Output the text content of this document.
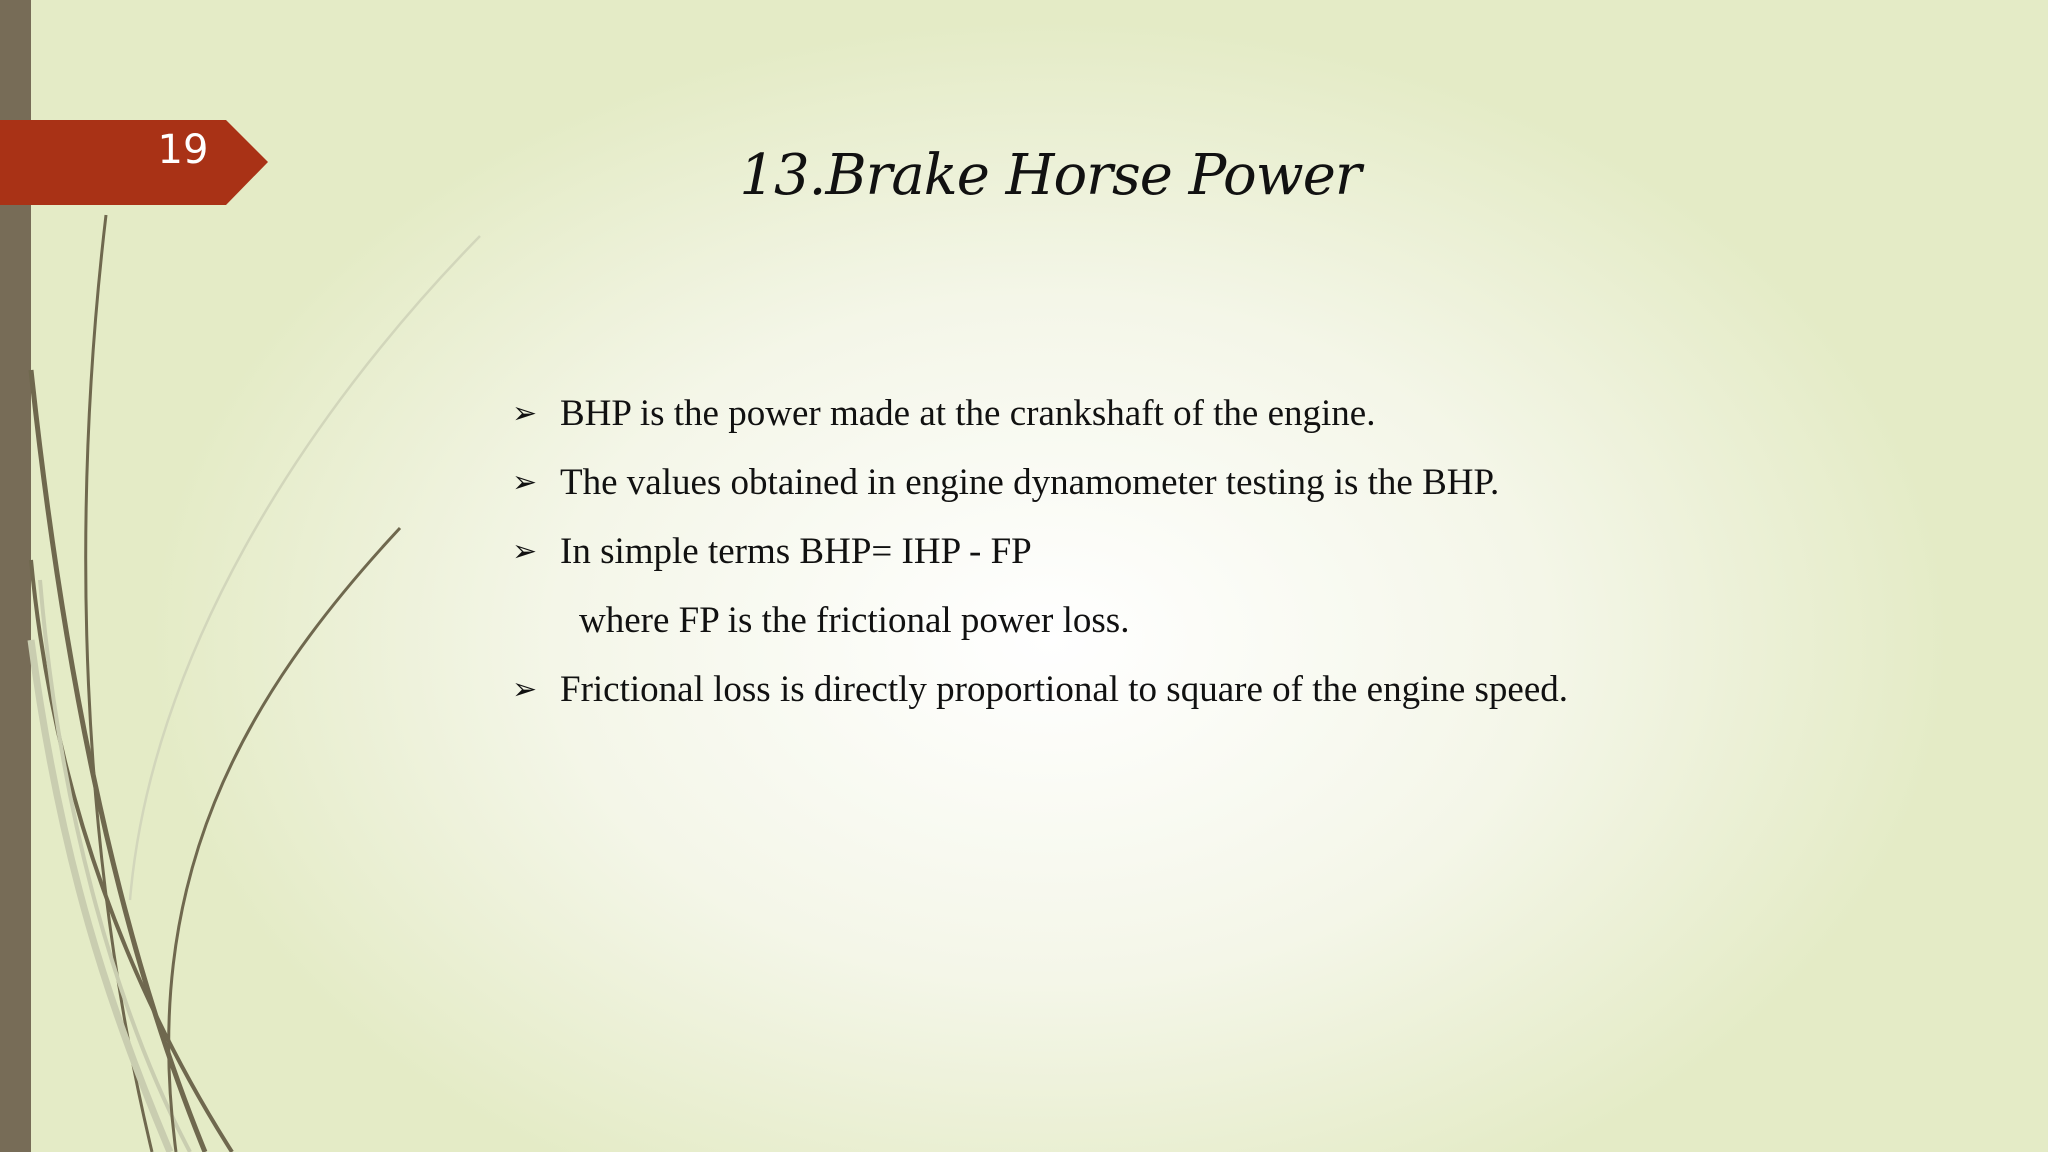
19	13.Brake Horse Power
➢ BHP is the power made at the crankshaft of the engine.
➢ The values obtained in engine dynamometer testing is the BHP.
➢ In simple terms BHP= IHP - FP
where FP is the frictional power loss.
➢ Frictional loss is directly proportional to square of the engine speed.
